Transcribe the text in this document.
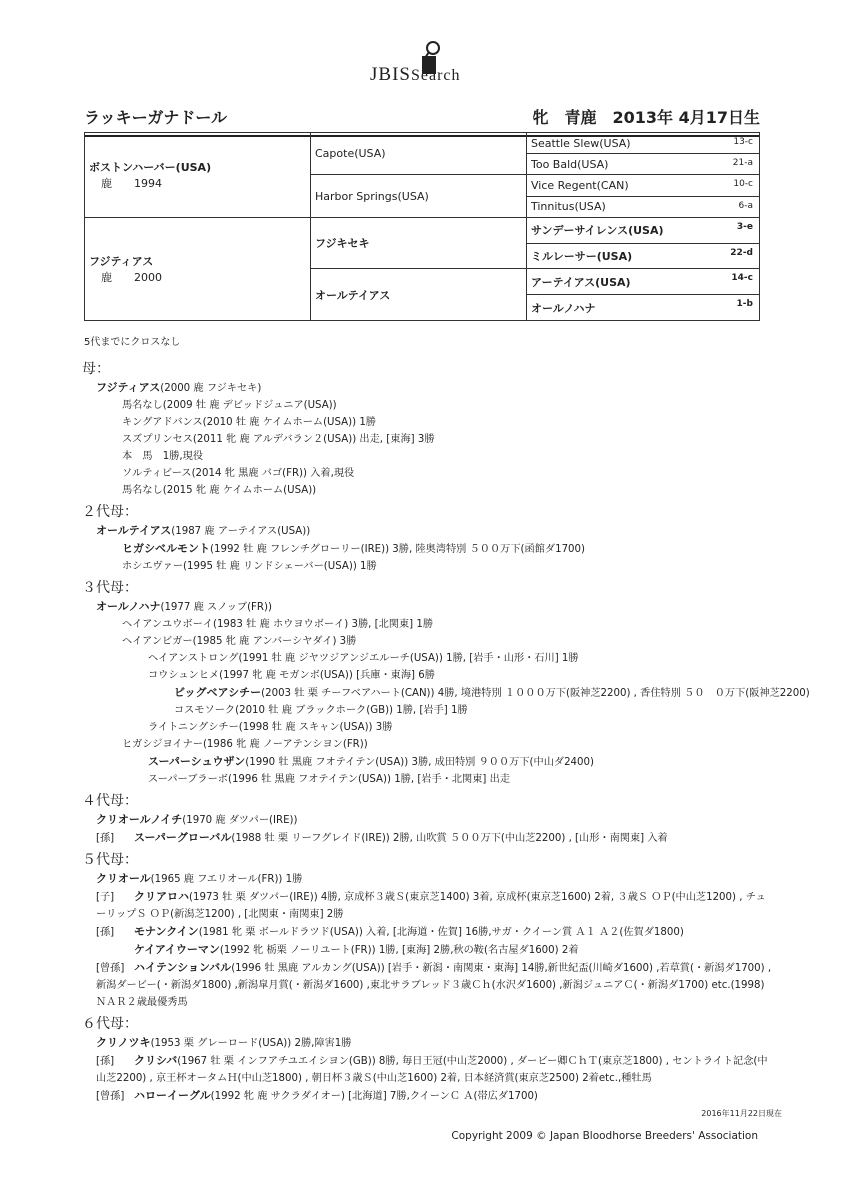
JBISSearch
ラッキーガナドール	牝　青鹿　2013年 4月17日生
ボストンハーバー(USA)
鹿　　1994	Capote(USA)	Seattle Slew(USA) 13-c

		Too Bald(USA) 21-a

	Harbor Springs(USA)	Vice Regent(CAN) 10-c

		Tinnitus(USA) 6-a

フジティアス
鹿　　2000	フジキセキ	サンデーサイレンス(USA) 3-e

		ミルレーサー(USA) 22-d

	オールテイアス	アーテイアス(USA) 14-c

		オールノハナ 1-b
5代までにクロスなし
母：
フジティアス(2000 鹿 フジキセキ)
馬名なし(2009 牡 鹿 デビッドジュニア(USA))
キングアドバンス(2010 牡 鹿 ケイムホーム(USA)) 1勝
スズプリンセス(2011 牝 鹿 アルデバラン２(USA)) 出走, [東海] 3勝
本　馬　1勝,現役
ソルティビース(2014 牝 黒鹿 バゴ(FR)) 入着,現役
馬名なし(2015 牝 鹿 ケイムホーム(USA))
２代母：
オールテイアス(1987 鹿 アーテイアス(USA))
ヒガシベルモント(1992 牡 鹿 フレンチグローリー(IRE)) 3勝, 陸奥湾特別 ５００万下(函館ダ1700)
ホシエヴァー(1995 牡 鹿 リンドシェーバー(USA)) 1勝
３代母：
オールノハナ(1977 鹿 スノッブ(FR))
ヘイアンユウボーイ(1983 牡 鹿 ホウヨウボーイ) 3勝, [北関東] 1勝
ヘイアンビガー(1985 牝 鹿 アンバーシヤダイ) 3勝
ヘイアンストロング(1991 牡 鹿 ジヤツジアンジエルーチ(USA)) 1勝, [岩手・山形・石川] 1勝
コウシュンヒメ(1997 牝 鹿 モガンボ(USA)) [兵庫・東海] 6勝
ビッグベアシチー(2003 牡 栗 チーフベアハート(CAN)) 4勝, 境港特別 １０００万下(阪神芝2200) , 香住特別 ５０　０万下(阪神芝2200)
コスモソーク(2010 牡 鹿 ブラックホーク(GB)) 1勝, [岩手] 1勝
ライトニングシチー(1998 牡 鹿 スキャン(USA)) 3勝
ヒガシジヨイナー(1986 牝 鹿 ノーアテンシヨン(FR))
スーパーシュウザン(1990 牡 黒鹿 フオテイテン(USA)) 3勝, 成田特別 ９００万下(中山ダ2400)
スーパーブラーボ(1996 牡 黒鹿 フオテイテン(USA)) 1勝, [岩手・北関東] 出走
４代母：
クリオールノイチ(1970 鹿 ダツパー(IRE))
[孫] スーパーグローバル(1988 牡 栗 リーフグレイド(IRE)) 2勝, 山吹賞 ５００万下(中山芝2200) , [山形・南関東] 入着
５代母：
クリオール(1965 鹿 フエリオール(FR)) 1勝
[子] クリアロハ(1973 牡 栗 ダツパー(IRE)) 4勝, 京成杯３歳Ｓ(東京芝1400) 3着, 京成杯(東京芝1600) 2着, ３歳Ｓ ＯＰ(中山芝1200) , チューリップＳ ＯＰ(新潟芝1200) , [北関東・南関東] 2勝
[孫] モナンクイン(1981 牝 栗 ボールドラツド(USA)) 入着, [北海道・佐賀] 16勝,サガ・クイーン賞 Ａ１ Ａ２(佐賀ダ1800)
ケイアイウーマン(1992 牝 栃栗 ノーリユート(FR)) 1勝, [東海] 2勝,秋の鞍(名古屋ダ1600) 2着
[曾孫] ハイテンションバル(1996 牡 黒鹿 アルカング(USA)) [岩手・新潟・南関東・東海] 14勝,新世紀盃(川崎ダ1600) ,若草賞(・新潟ダ1700) ,新潟ダービー(・新潟ダ1800) ,新潟皐月賞(・新潟ダ1600) ,東北サラブレッド３歳Ｃｈ(水沢ダ1600) ,新潟ジュニアＣ(・新潟ダ1700) etc.(1998) ＮＡＲ２歳最優秀馬
６代母：
クリノツキ(1953 栗 グレーロード(USA)) 2勝,障害1勝
[孫] クリシバ(1967 牡 栗 インフアチユエイシヨン(GB)) 8勝, 毎日王冠(中山芝2000) , ダービー卿ＣｈＴ(東京芝1800) , セントライト記念(中山芝2200) , 京王杯オータムＨ(中山芝1800) , 朝日杯３歳Ｓ(中山芝1600) 2着, 日本経済賞(東京芝2500) 2着etc.,種牡馬
[曾孫] ハローイーグル(1992 牝 鹿 サクラダイオー) [北海道] 7勝,クイーンＣ Ａ(帯広ダ1700)
2016年11月22日現在
Copyright 2009 © Japan Bloodhorse Breeders' Association
